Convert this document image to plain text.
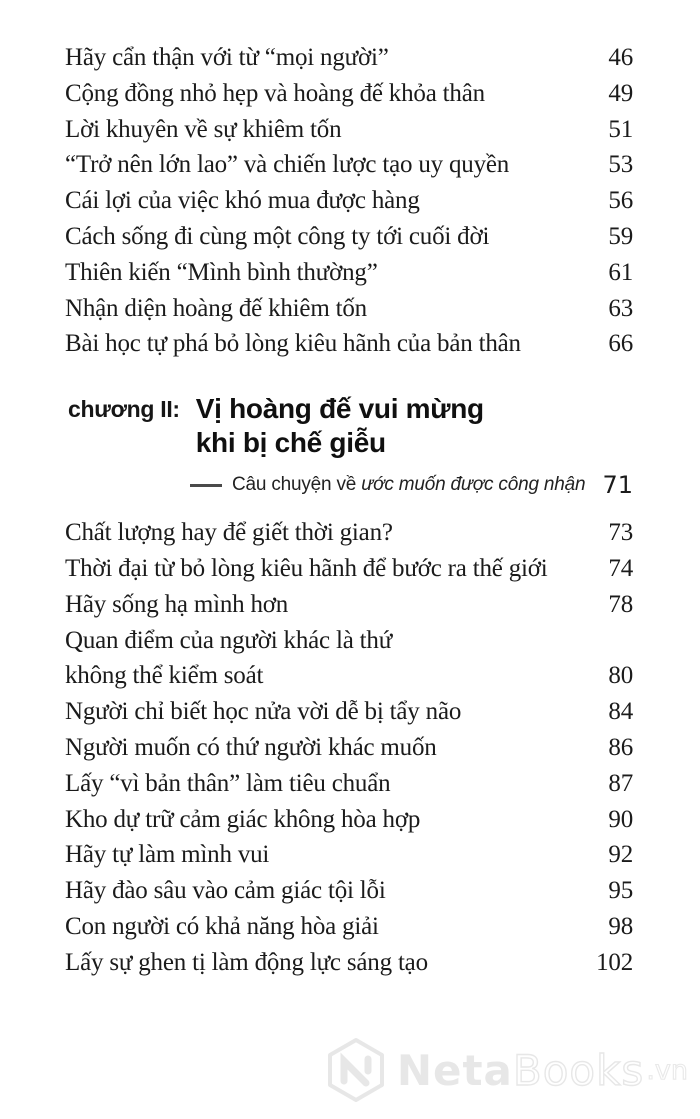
Hãy cẩn thận với từ “mọi người”	46
Cộng đồng nhỏ hẹp và hoàng đế khỏa thân	49
Lời khuyên về sự khiêm tốn	51
“Trở nên lớn lao” và chiến lược tạo uy quyền	53
Cái lợi của việc khó mua được hàng	56
Cách sống đi cùng một công ty tới cuối đời	59
Thiên kiến “Mình bình thường”	61
Nhận diện hoàng đế khiêm tốn	63
Bài học tự phá bỏ lòng kiêu hãnh của bản thân	66
chương II: Vị hoàng đế vui mừng
khi bị chế giễu
Câu chuyện về ước muốn được công nhận 71
Chất lượng hay để giết thời gian?	73
Thời đại từ bỏ lòng kiêu hãnh để bước ra thế giới	74
Hãy sống hạ mình hơn	78
Quan điểm của người khác là thứ
không thể kiểm soát	80
Người chỉ biết học nửa vời dễ bị tẩy não	84
Người muốn có thứ người khác muốn	86
Lấy “vì bản thân” làm tiêu chuẩn	87
Kho dự trữ cảm giác không hòa hợp	90
Hãy tự làm mình vui	92
Hãy đào sâu vào cảm giác tội lỗi	95
Con người có khả năng hòa giải	98
Lấy sự ghen tị làm động lực sáng tạo	102
Neta Books .vn
